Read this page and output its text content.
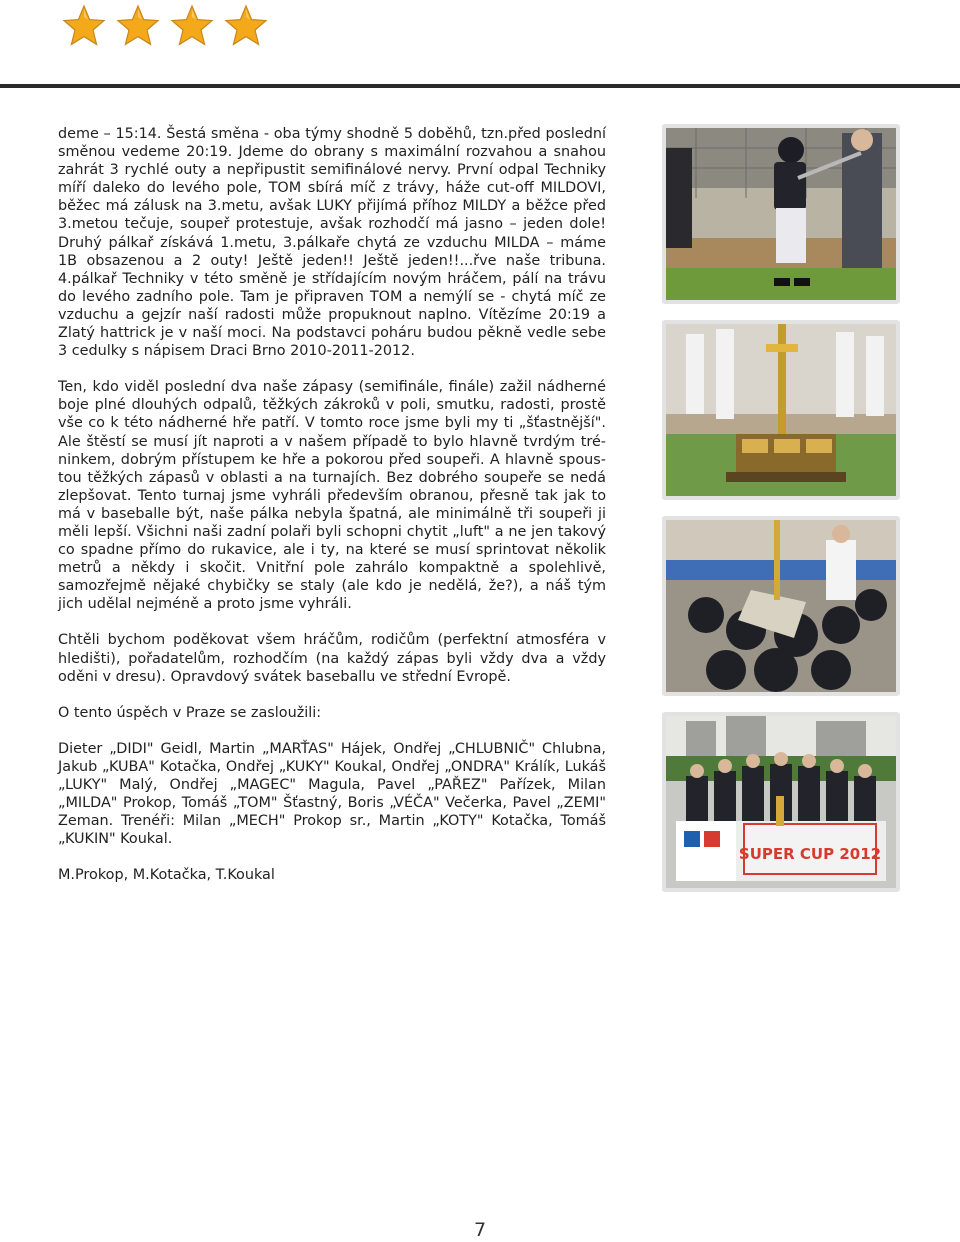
deme – 15:14. Šestá směna - oba týmy shodně 5 doběhů, tzn.před poslední směnou vedeme 20:19. Jdeme do obrany s maximální rozvahou a snahou zahrát 3 rychlé outy a nepřipustit semifinálové nervy. První odpal Techniky míří daleko do levého pole, TOM sbírá míč z trávy, háže cut-off MILDOVI, běžec má zálusk na 3.metu, avšak LUKY přijímá příhoz MILDY a běžce před 3.metou tečuje, soupeř protestuje, avšak rozhodčí má jasno – jeden dole! Druhý pálkař získává 1.metu, 3.pálkaře chytá ze vzduchu MILDA – máme 1B obsazenou a 2 outy! Ještě jeden!! Ještě jeden!!...řve naše tribuna. 4.pálkař Techniky v této směně je střídajícím novým hráčem, pálí na trávu do levého zadního pole. Tam je připraven TOM a nemýlí se - chytá míč ze vzduchu a gejzír naší radosti může propuknout naplno. Vítězíme 20:19 a Zlatý hattrick je v naší moci. Na podstavci poháru budou pěkně vedle sebe 3 cedulky s nápisem Draci Brno 2010-2011-2012.

Ten, kdo viděl poslední dva naše zápasy (semifinále, finále) zažil nádherné boje plné dlouhých odpalů, těžkých zákroků v poli, smutku, radosti, prostě vše co k této nádherné hře patří. V tomto roce jsme byli my ti „šťastnější". Ale štěstí se musí jít naproti a v našem případě to bylo hlavně tvrdým tré-ninkem, dobrým přístupem ke hře a pokorou před soupeři. A hlavně spous-tou těžkých zápasů v oblasti a na turnajích. Bez dobrého soupeře se nedá zlepšovat. Tento turnaj jsme vyhráli především obranou, přesně tak jak to má v baseballe být, naše pálka nebyla špatná, ale minimálně tři soupeři ji měli lepší. Všichni naši zadní polaři byli schopni chytit „luft" a ne jen takový co spadne přímo do rukavice, ale i ty, na které se musí sprintovat několik metrů a někdy i skočit. Vnitřní pole zahrálo kompaktně a spolehlivě, samozřejmě nějaké chybičky se staly (ale kdo je nedělá, že?), a náš tým jich udělal nejméně a proto jsme vyhráli.

Chtěli bychom poděkovat všem hráčům, rodičům (perfektní atmosféra v hledišti), pořadatelům, rozhodčím (na každý zápas byli vždy dva a vždy oděni v dresu). Opravdový svátek baseballu ve střední Evropě.

O tento úspěch v Praze se zasloužili:

Dieter „DIDI" Geidl, Martin „MARŤAS" Hájek, Ondřej „CHLUBNIČ" Chlubna, Jakub „KUBA" Kotačka, Ondřej „KUKY" Koukal, Ondřej „ONDRA" Králík, Lukáš „LUKY" Malý, Ondřej „MAGEC" Magula, Pavel „PAŘEZ" Pařízek, Milan „MILDA" Prokop, Tomáš „TOM" Šťastný, Boris „VÉČA" Večerka, Pavel „ZEMI" Zeman. Trenéři: Milan „MECH" Prokop sr., Martin „KOTY" Kotačka, Tomáš „KUKIN" Koukal.

M.Prokop, M.Kotačka, T.Koukal

SUPER CUP 2012
7
